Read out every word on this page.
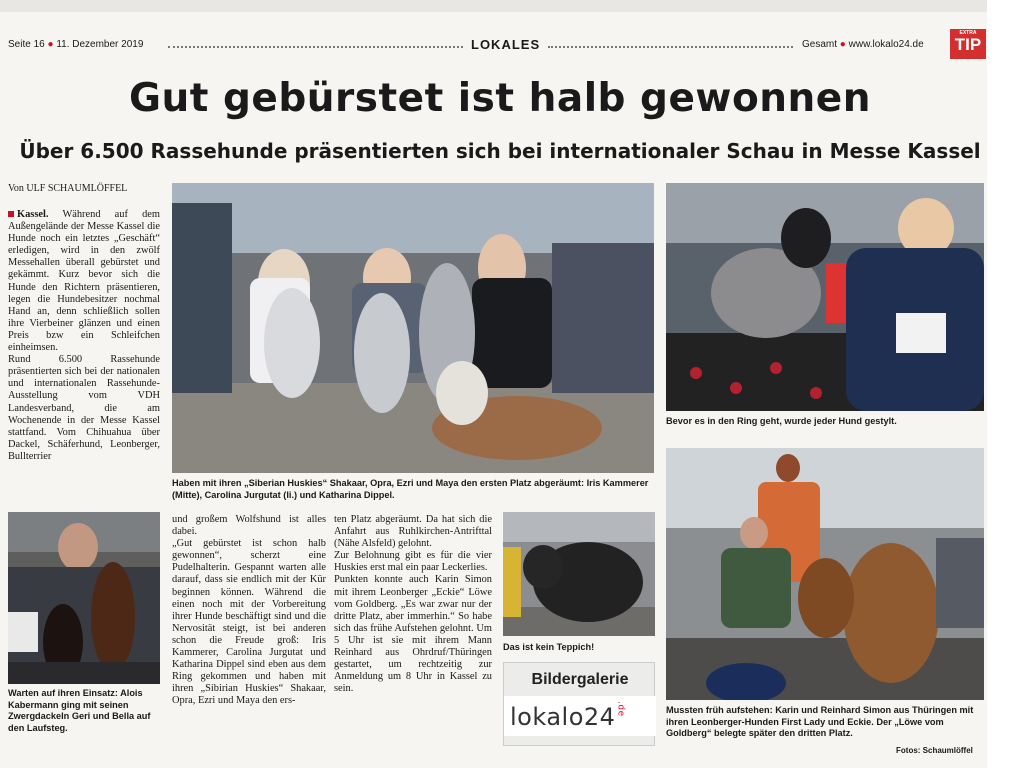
Seite 16 ● 11. Dezember 2019	LOKALES	Gesamt ● www.lokalo24.de
EXTRA
TIP
Gut gebürstet ist halb gewonnen
Über 6.500 Rassehunde präsentierten sich bei internationaler Schau in Messe Kassel
Von ULF SCHAUMLÖFFEL

Kassel. Während auf dem Außengelände der Messe Kassel die Hunde noch ein letztes „Geschäft“ erledigen, wird in den zwölf Messehallen überall gebürstet und gekämmt. Kurz bevor sich die Hunde den Richtern präsentieren, legen die Hundebesitzer nochmal Hand an, denn schließlich sollen ihre Vierbeiner glänzen und einen Preis bzw ein Schleifchen einheimsen.

Rund 6.500 Rassehunde präsentierten sich bei der nationalen und internationalen Rassehunde-Ausstellung vom VDH Landesverband, die am Wochenende in der Messe Kassel stattfand. Vom Chihuahua über Dackel, Schäferhund, Leonberger, Bullterrier

Haben mit ihren „Siberian Huskies“ Shakaar, Opra, Ezri und Maya den ersten Platz abgeräumt: Iris Kammerer (Mitte), Carolina Jurgutat (li.) und Katharina Dippel.
Bevor es in den Ring geht, wurde jeder Hund gestylt.
Warten auf ihren Einsatz: Alois Kabermann ging mit seinen Zwergdackeln Geri und Bella auf den Laufsteg.

und großem Wolfshund ist alles dabei.

„Gut gebürstet ist schon halb gewonnen“, scherzt eine Pudelhalterin. Gespannt warten alle darauf, dass sie endlich mit der Kür beginnen können. Während die einen noch mit der Vorbereitung ihrer Hunde beschäftigt sind und die Nervosität steigt, ist bei anderen schon die Freude groß: Iris Kammerer, Carolina Jurgutat und Katharina Dippel sind eben aus dem Ring gekommen und haben mit ihren „Sibirian Huskies“ Shakaar, Opra, Ezri und Maya den ers-

ten Platz abgeräumt. Da hat sich die Anfahrt aus Ruhlkirchen-Antrifttal (Nähe Alsfeld) gelohnt.

Zur Belohnung gibt es für die vier Huskies erst mal ein paar Leckerlies.

Punkten konnte auch Karin Simon mit ihrem Leonberger „Eckie“ Löwe vom Goldberg. „Es war zwar nur der dritte Platz, aber immerhin.“ So habe sich das frühe Aufstehen gelohnt. Um 5 Uhr ist sie mit ihrem Mann Reinhard aus Ohrdruf/Thüringen gestartet, um rechtzeitig zur Anmeldung um 8 Uhr in Kassel zu sein.

Das ist kein Teppich!
Bildergalerie
lokalo24.de	Mussten früh aufstehen: Karin und Reinhard Simon aus Thüringen mit ihren Leonberger-Hunden First Lady und Eckie. Der „Löwe vom Goldberg“ belegte später den dritten Platz.
Fotos: Schaumlöffel
